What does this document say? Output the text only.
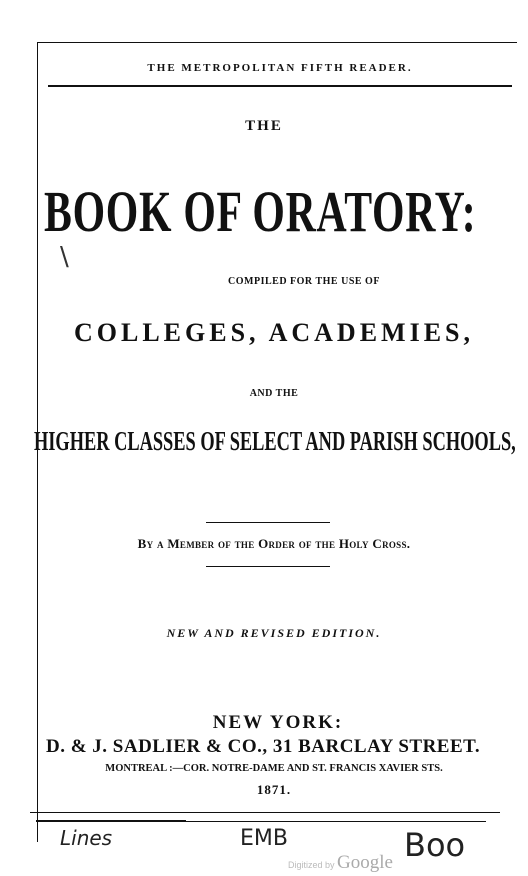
THE METROPOLITAN FIFTH READER.
THE
BOOK OF ORATORY:
\
COMPILED FOR THE USE OF
COLLEGES, ACADEMIES,
AND THE
HIGHER CLASSES OF SELECT AND PARISH SCHOOLS,
By a Member of the Order of the Holy Cross.
NEW AND REVISED EDITION.
NEW YORK:
D. & J. SADLIER & CO., 31 BARCLAY STREET.
MONTREAL :—COR. NOTRE-DAME AND ST. FRANCIS XAVIER STS.
1871.
Lines	EMB	Boo
Digitized by Google
